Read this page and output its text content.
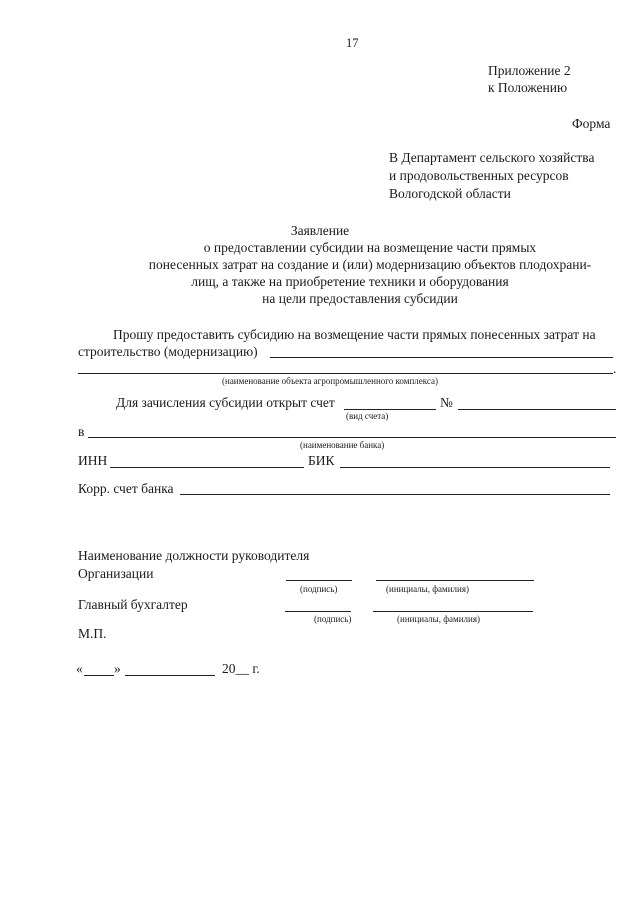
17
Приложение 2
к Положению
Форма
В Департамент сельского хозяйства
и продовольственных ресурсов
Вологодской области
Заявление
о предоставлении субсидии на возмещение части прямых
понесенных затрат на создание и (или) модернизацию объектов плодохрани-
лищ, а также на приобретение техники и оборудования
на цели предоставления субсидии
Прошу предоставить субсидию на возмещение части прямых понесенных затрат на
строительство (модернизацию)
.
(наименование объекта агропромышленного комплекса)
Для зачисления субсидии открыт счет	№
(вид счета)
в
(наименование банка)
ИНН	БИК
Корр. счет банка
Наименование должности руководителя
Организации
(подпись)	(инициалы, фамилия)
Главный бухгалтер
(подпись)	(инициалы, фамилия)
М.П.
« »	20__ г.
